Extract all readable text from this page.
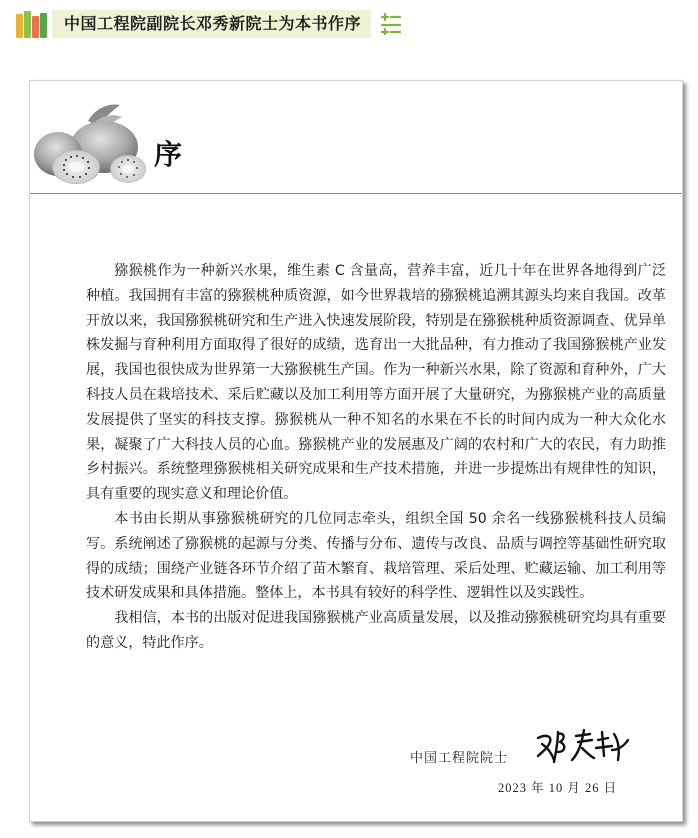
中国工程院副院长邓秀新院士为本书作序
序

猕猴桃作为一种新兴水果，维生素 C 含量高，营养丰富，近几十年在世界各地得到广泛种植。我国拥有丰富的猕猴桃种质资源，如今世界栽培的猕猴桃追溯其源头均来自我国。改革开放以来，我国猕猴桃研究和生产进入快速发展阶段，特别是在猕猴桃种质资源调查、优异单株发掘与育种利用方面取得了很好的成绩，选育出一大批品种，有力推动了我国猕猴桃产业发展，我国也很快成为世界第一大猕猴桃生产国。作为一种新兴水果，除了资源和育种外，广大科技人员在栽培技术、采后贮藏以及加工利用等方面开展了大量研究，为猕猴桃产业的高质量发展提供了坚实的科技支撑。猕猴桃从一种不知名的水果在不长的时间内成为一种大众化水果，凝聚了广大科技人员的心血。猕猴桃产业的发展惠及广阔的农村和广大的农民，有力助推乡村振兴。系统整理猕猴桃相关研究成果和生产技术措施，并进一步提炼出有规律性的知识，具有重要的现实意义和理论价值。

本书由长期从事猕猴桃研究的几位同志牵头，组织全国 50 余名一线猕猴桃科技人员编写。系统阐述了猕猴桃的起源与分类、传播与分布、遗传与改良、品质与调控等基础性研究取得的成绩；围绕产业链各环节介绍了苗木繁育、栽培管理、采后处理、贮藏运输、加工利用等技术研发成果和具体措施。整体上，本书具有较好的科学性、逻辑性以及实践性。

我相信，本书的出版对促进我国猕猴桃产业高质量发展，以及推动猕猴桃研究均具有重要的意义，特此作序。

中国工程院院士
2023 年 10 月 26 日
